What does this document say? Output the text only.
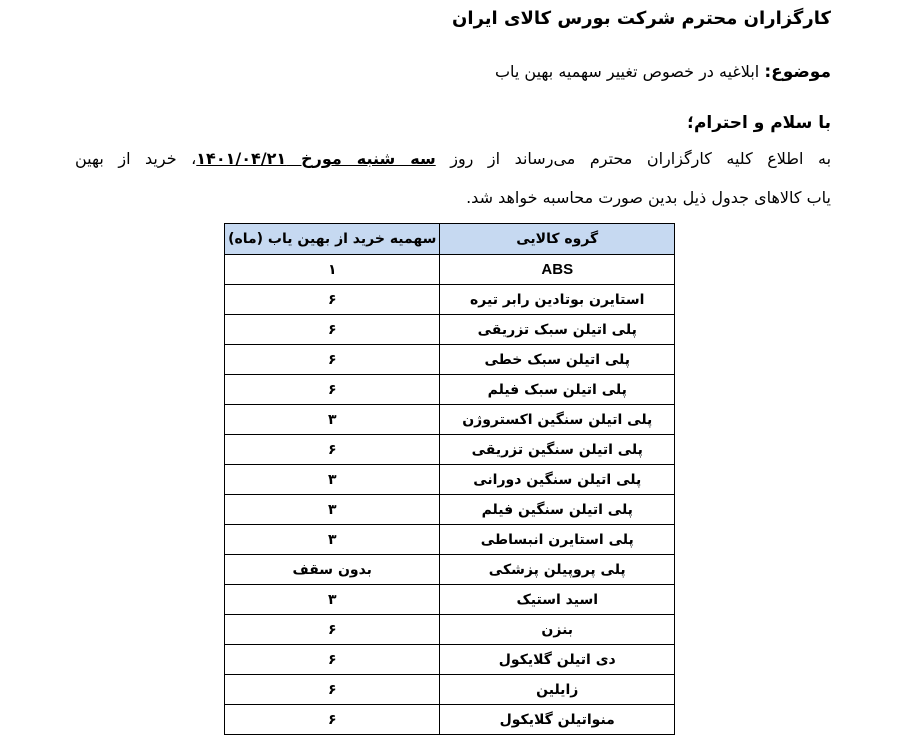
کارگزاران محترم شرکت بورس کالای ایران
موضوع: ابلاغیه در خصوص تغییر سهمیه بهین یاب
با سلام و احترام؛
به اطلاع کلیه کارگزاران محترم می‌رساند از روز سه شنبه مورخ ۱۴۰۱/۰۴/۲۱، خرید از بهین
یاب کالاهای جدول ذیل بدین صورت محاسبه خواهد شد.
گروه کالایی	سهمیه خرید از بهین یاب (ماه)
ABS	۱
استایرن بوتادین رابر تیره	۶
پلی اتیلن سبک تزریقی	۶
پلی اتیلن سبک خطی	۶
پلی اتیلن سبک فیلم	۶
پلی اتیلن سنگین اکستروژن	۳
پلی اتیلن سنگین تزریقی	۶
پلی اتیلن سنگین دورانی	۳
پلی اتیلن سنگین فیلم	۳
پلی استایرن انبساطی	۳
پلی پروپیلن پزشکی	بدون سقف
اسید استیک	۳
بنزن	۶
دی اتیلن گلایکول	۶
زایلین	۶
منواتیلن گلایکول	۶
